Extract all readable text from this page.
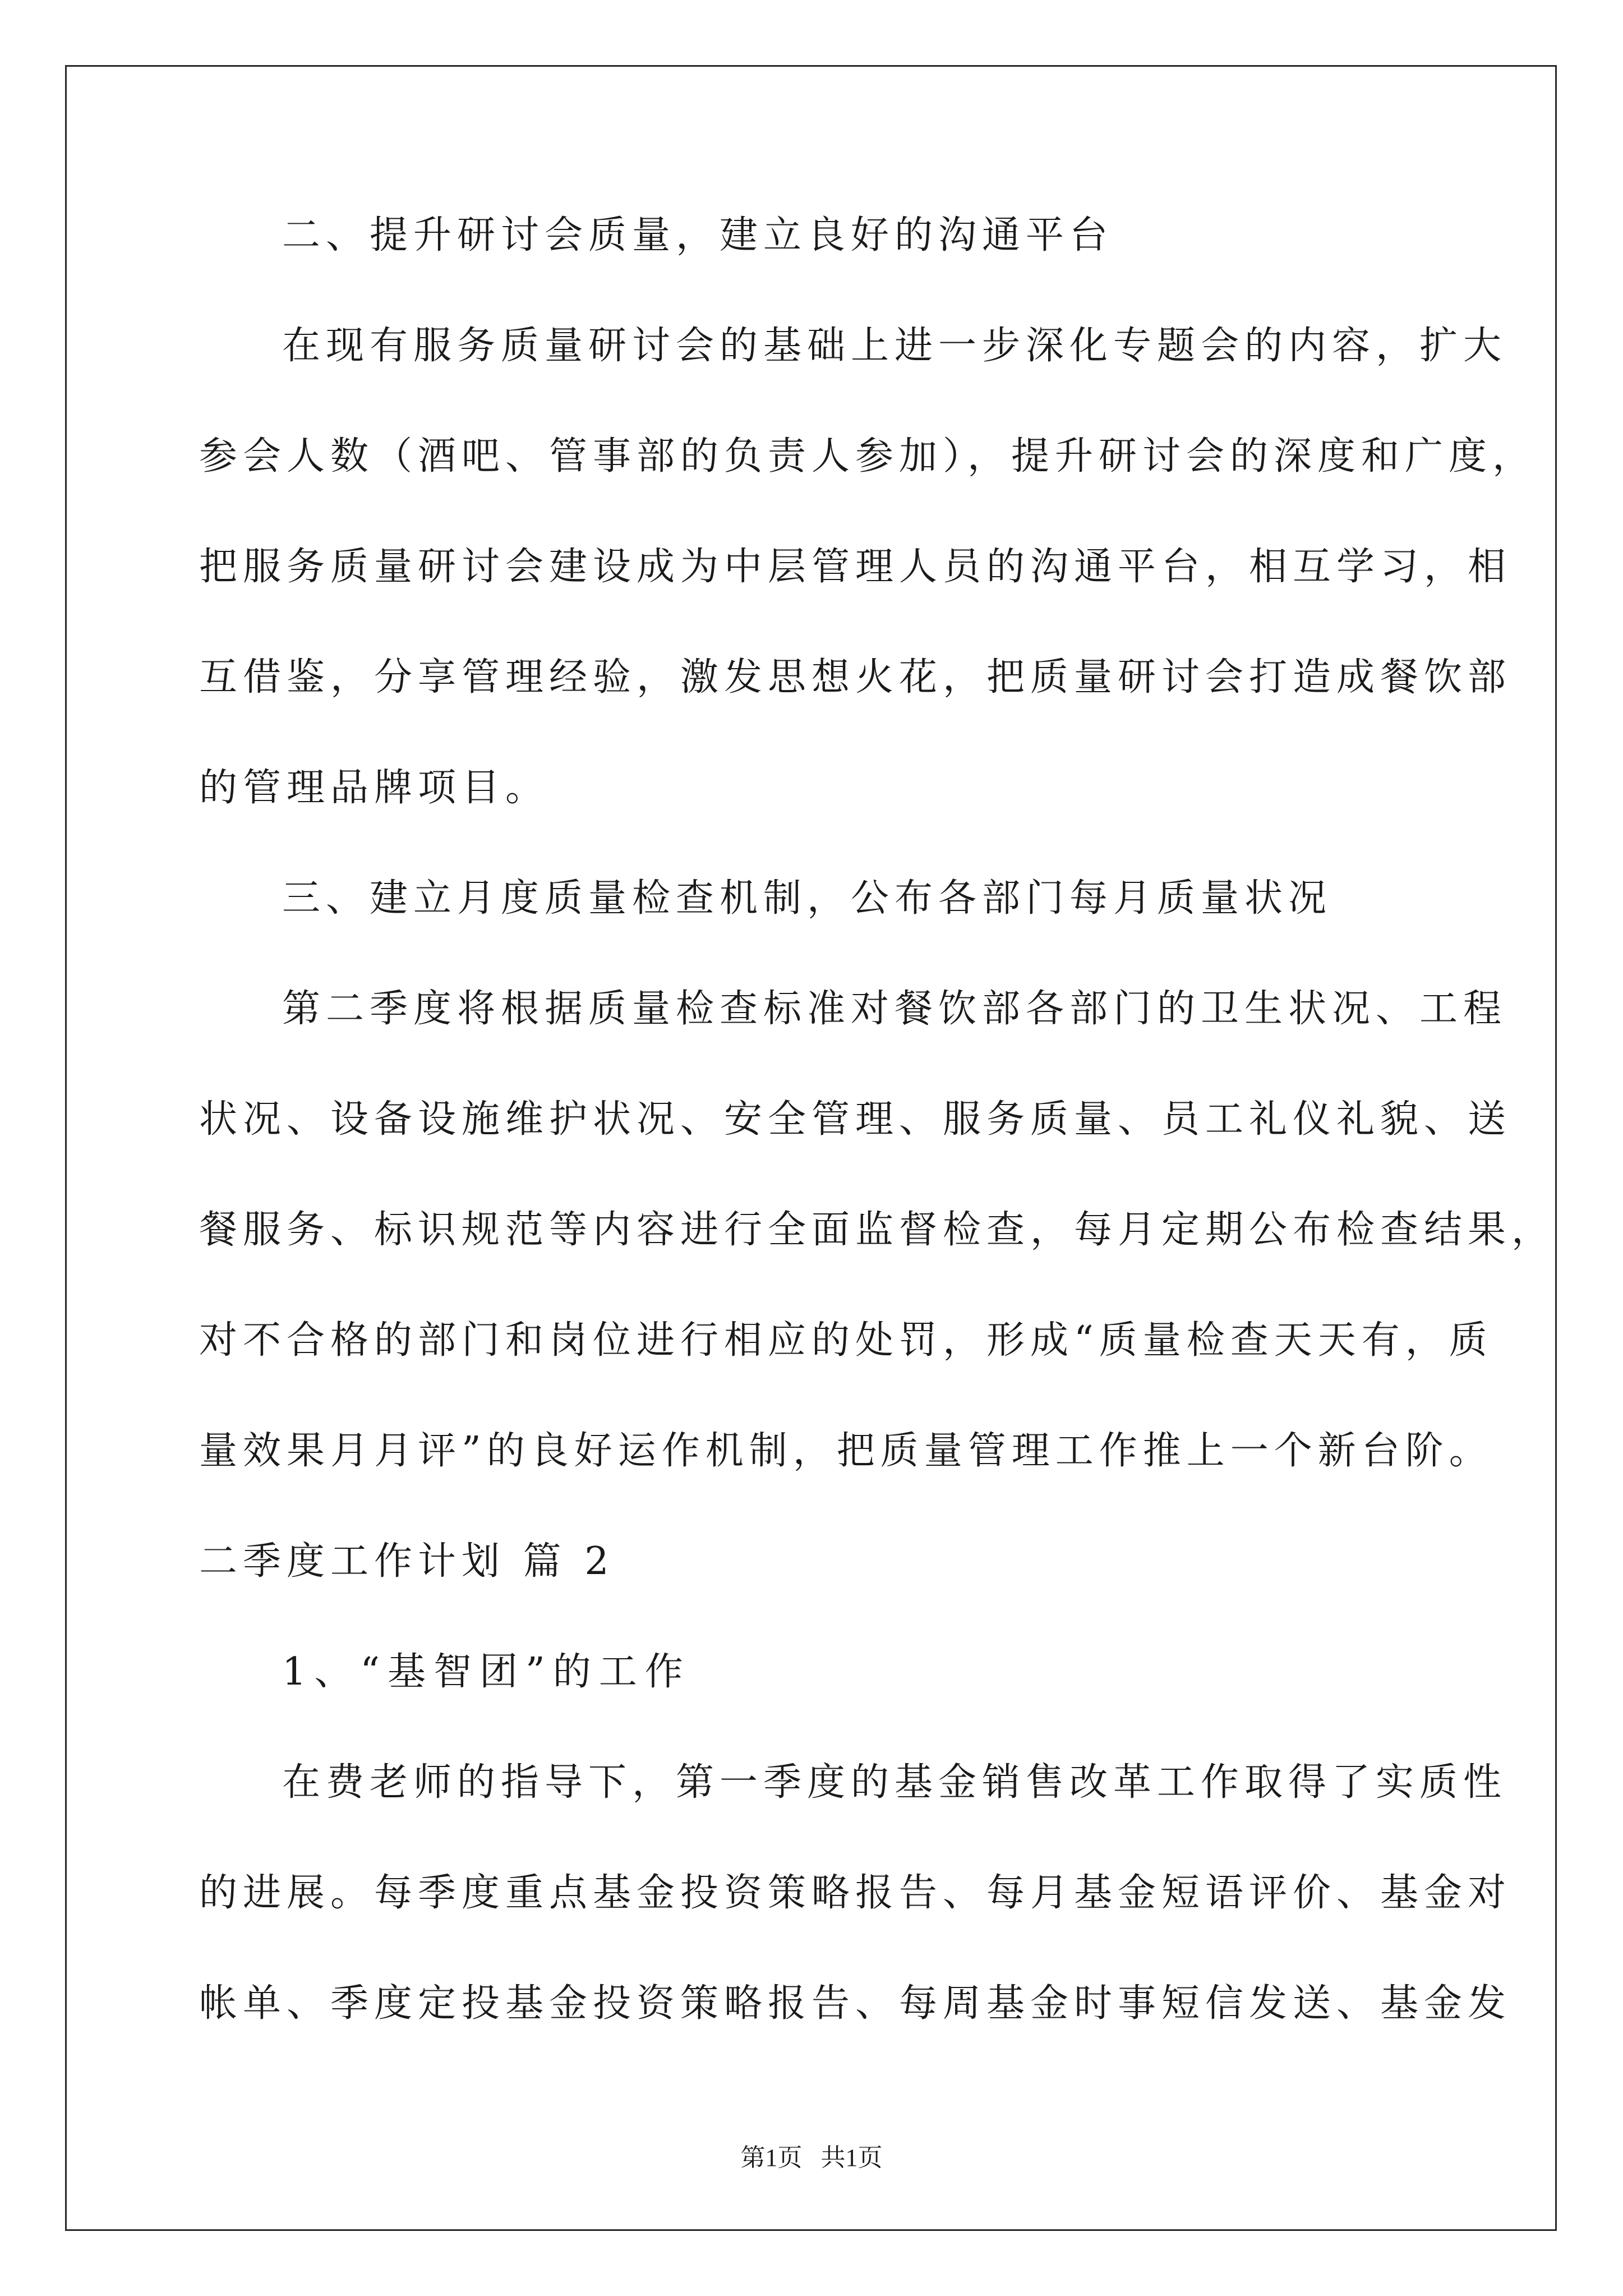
二、提升研讨会质量，建立良好的沟通平台
在现有服务质量研讨会的基础上进一步深化专题会的内容，扩大
参会人数（酒吧、管事部的负责人参加），提升研讨会的深度和广度，
把服务质量研讨会建设成为中层管理人员的沟通平台，相互学习，相
互借鉴，分享管理经验，激发思想火花，把质量研讨会打造成餐饮部
的管理品牌项目。
三、建立月度质量检查机制，公布各部门每月质量状况
第二季度将根据质量检查标准对餐饮部各部门的卫生状况、工程
状况、设备设施维护状况、安全管理、服务质量、员工礼仪礼貌、送
餐服务、标识规范等内容进行全面监督检查，每月定期公布检查结果，
对不合格的部门和岗位进行相应的处罚，形成“质量检查天天有，质
量效果月月评”的良好运作机制，把质量管理工作推上一个新台阶。
二季度工作计划 篇 2
1、“基智团”的工作
在费老师的指导下，第一季度的基金销售改革工作取得了实质性
的进展。每季度重点基金投资策略报告、每月基金短语评价、基金对
帐单、季度定投基金投资策略报告、每周基金时事短信发送、基金发
第1页   共1页
